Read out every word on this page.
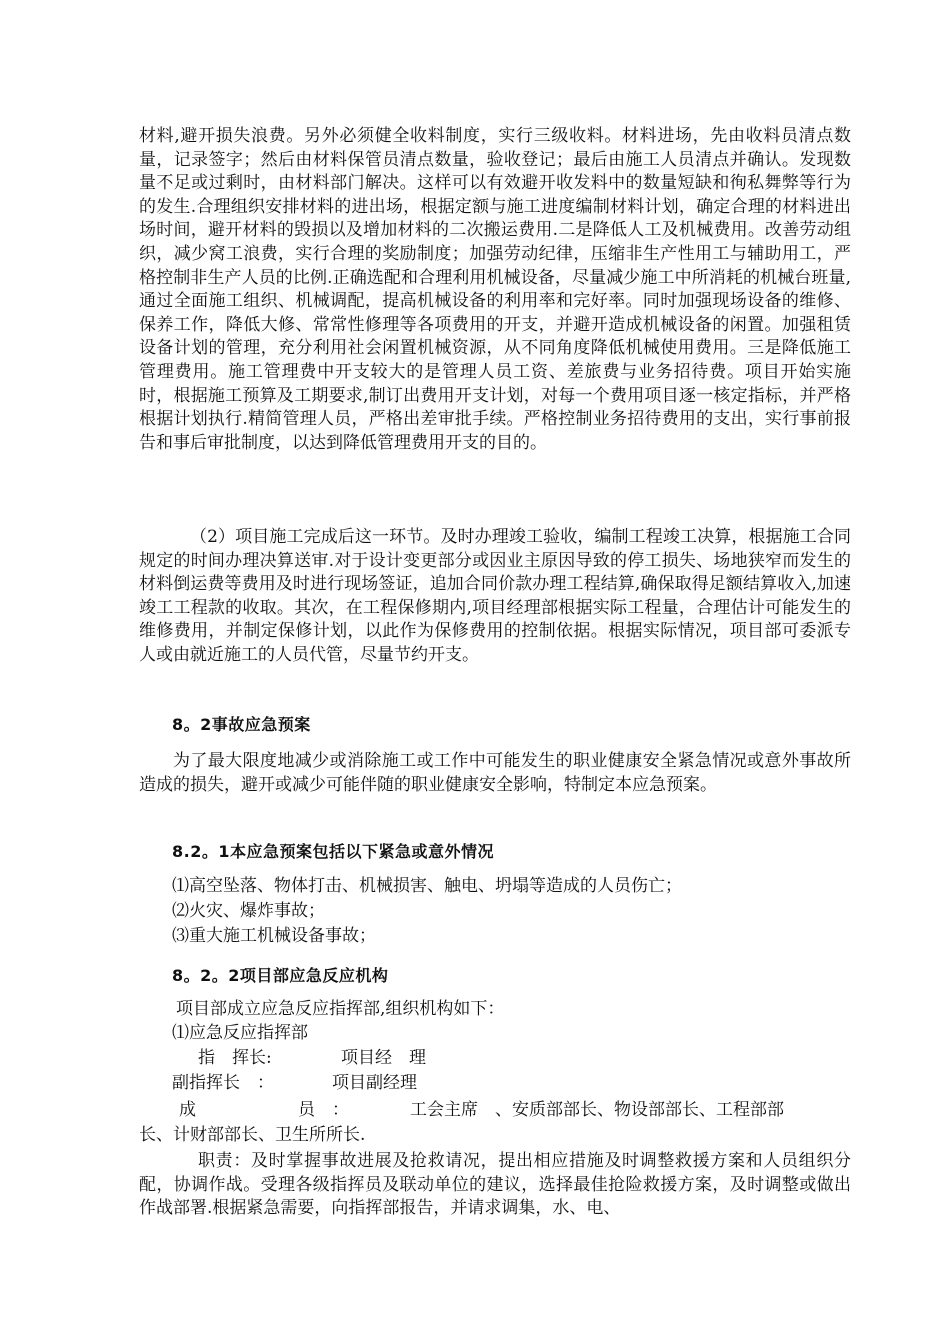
材料,避开损失浪费。另外必须健全收料制度，实行三级收料。材料进场，先由收料员清点数量，记录签字；然后由材料保管员清点数量，验收登记；最后由施工人员清点并确认。发现数量不足或过剩时，由材料部门解决。这样可以有效避开收发料中的数量短缺和徇私舞弊等行为的发生.合理组织安排材料的进出场，根据定额与施工进度编制材料计划，确定合理的材料进出场时间，避开材料的毁损以及增加材料的二次搬运费用.二是降低人工及机械费用。改善劳动组织，减少窝工浪费，实行合理的奖励制度；加强劳动纪律，压缩非生产性用工与辅助用工，严格控制非生产人员的比例.正确选配和合理利用机械设备，尽量减少施工中所消耗的机械台班量,通过全面施工组织、机械调配，提高机械设备的利用率和完好率。同时加强现场设备的维修、保养工作，降低大修、常常性修理等各项费用的开支，并避开造成机械设备的闲置。加强租赁设备计划的管理，充分利用社会闲置机械资源，从不同角度降低机械使用费用。三是降低施工管理费用。施工管理费中开支较大的是管理人员工资、差旅费与业务招待费。项目开始实施时，根据施工预算及工期要求,制订出费用开支计划，对每一个费用项目逐一核定指标，并严格根据计划执行.精简管理人员，严格出差审批手续。严格控制业务招待费用的支出，实行事前报告和事后审批制度，以达到降低管理费用开支的目的。

（2）项目施工完成后这一环节。及时办理竣工验收，编制工程竣工决算，根据施工合同规定的时间办理决算送审.对于设计变更部分或因业主原因导致的停工损失、场地狭窄而发生的材料倒运费等费用及时进行现场签证，追加合同价款办理工程结算,确保取得足额结算收入,加速竣工工程款的收取。其次，在工程保修期内,项目经理部根据实际工程量，合理估计可能发生的维修费用，并制定保修计划，以此作为保修费用的控制依据。根据实际情况，项目部可委派专人或由就近施工的人员代管，尽量节约开支。

8。2事故应急预案

为了最大限度地减少或消除施工或工作中可能发生的职业健康安全紧急情况或意外事故所造成的损失，避开或减少可能伴随的职业健康安全影响，特制定本应急预案。

8.2。1本应急预案包括以下紧急或意外情况

⑴高空坠落、物体打击、机械损害、触电、坍塌等造成的人员伤亡；

⑵火灾、爆炸事故；

⑶重大施工机械设备事故；

8。2。2项目部应急反应机构

项目部成立应急反应指挥部,组织机构如下：

⑴应急反应指挥部

指　挥长:	项目经　理

副指挥长　：	项目副经理

成　　　　　　员　：	工会主席　、安质部部长、物设部部长、工程部部

长、计财部部长、卫生所所长.

职责：及时掌握事故进展及抢救请况，提出相应措施及时调整救援方案和人员组织分配，协调作战。受理各级指挥员及联动单位的建议，选择最佳抢险救援方案，及时调整或做出作战部署.根据紧急需要，向指挥部报告，并请求调集，水、电、
